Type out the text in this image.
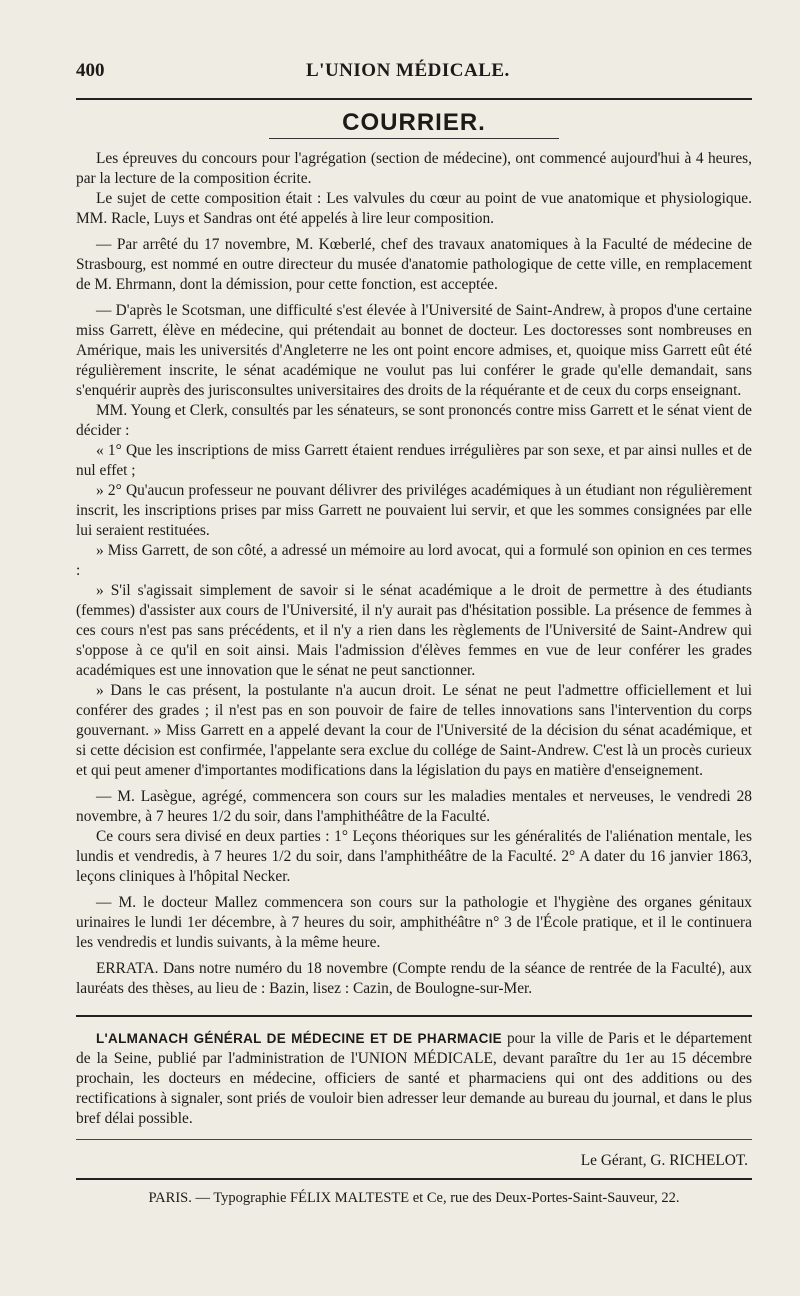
400	L'UNION MÉDICALE.
COURRIER.

Les épreuves du concours pour l'agrégation (section de médecine), ont commencé aujourd'hui à 4 heures, par la lecture de la composition écrite.

Le sujet de cette composition était : Les valvules du cœur au point de vue anatomique et physiologique. MM. Racle, Luys et Sandras ont été appelés à lire leur composition.

— Par arrêté du 17 novembre, M. Kœberlé, chef des travaux anatomiques à la Faculté de médecine de Strasbourg, est nommé en outre directeur du musée d'anatomie pathologique de cette ville, en remplacement de M. Ehrmann, dont la démission, pour cette fonction, est acceptée.

— D'après le Scotsman, une difficulté s'est élevée à l'Université de Saint-Andrew, à propos d'une certaine miss Garrett, élève en médecine, qui prétendait au bonnet de docteur. Les doctoresses sont nombreuses en Amérique, mais les universités d'Angleterre ne les ont point encore admises, et, quoique miss Garrett eût été régulièrement inscrite, le sénat académique ne voulut pas lui conférer le grade qu'elle demandait, sans s'enquérir auprès des jurisconsultes universitaires des droits de la réquérante et de ceux du corps enseignant.

MM. Young et Clerk, consultés par les sénateurs, se sont prononcés contre miss Garrett et le sénat vient de décider :

« 1° Que les inscriptions de miss Garrett étaient rendues irrégulières par son sexe, et par ainsi nulles et de nul effet ;

» 2° Qu'aucun professeur ne pouvant délivrer des priviléges académiques à un étudiant non régulièrement inscrit, les inscriptions prises par miss Garrett ne pouvaient lui servir, et que les sommes consignées par elle lui seraient restituées.

» Miss Garrett, de son côté, a adressé un mémoire au lord avocat, qui a formulé son opinion en ces termes :

» S'il s'agissait simplement de savoir si le sénat académique a le droit de permettre à des étudiants (femmes) d'assister aux cours de l'Université, il n'y aurait pas d'hésitation possible. La présence de femmes à ces cours n'est pas sans précédents, et il n'y a rien dans les règlements de l'Université de Saint-Andrew qui s'oppose à ce qu'il en soit ainsi. Mais l'admission d'élèves femmes en vue de leur conférer les grades académiques est une innovation que le sénat ne peut sanctionner.

» Dans le cas présent, la postulante n'a aucun droit. Le sénat ne peut l'admettre officiellement et lui conférer des grades ; il n'est pas en son pouvoir de faire de telles innovations sans l'intervention du corps gouvernant. » Miss Garrett en a appelé devant la cour de l'Université de la décision du sénat académique, et si cette décision est confirmée, l'appelante sera exclue du collége de Saint-Andrew. C'est là un procès curieux et qui peut amener d'importantes modifications dans la législation du pays en matière d'enseignement.

— M. Lasègue, agrégé, commencera son cours sur les maladies mentales et nerveuses, le vendredi 28 novembre, à 7 heures 1/2 du soir, dans l'amphithéâtre de la Faculté.

Ce cours sera divisé en deux parties : 1° Leçons théoriques sur les généralités de l'aliénation mentale, les lundis et vendredis, à 7 heures 1/2 du soir, dans l'amphithéâtre de la Faculté. 2° A dater du 16 janvier 1863, leçons cliniques à l'hôpital Necker.

— M. le docteur Mallez commencera son cours sur la pathologie et l'hygiène des organes génitaux urinaires le lundi 1er décembre, à 7 heures du soir, amphithéâtre n° 3 de l'École pratique, et il le continuera les vendredis et lundis suivants, à la même heure.

ERRATA. Dans notre numéro du 18 novembre (Compte rendu de la séance de rentrée de la Faculté), aux lauréats des thèses, au lieu de : Bazin, lisez : Cazin, de Boulogne-sur-Mer.

L'ALMANACH GÉNÉRAL DE MÉDECINE ET DE PHARMACIE pour la ville de Paris et le département de la Seine, publié par l'administration de l'UNION MÉDICALE, devant paraître du 1er au 15 décembre prochain, les docteurs en médecine, officiers de santé et pharmaciens qui ont des additions ou des rectifications à signaler, sont priés de vouloir bien adresser leur demande au bureau du journal, et dans le plus bref délai possible.

Le Gérant, G. RICHELOT.
PARIS. — Typographie FÉLIX MALTESTE et Ce, rue des Deux-Portes-Saint-Sauveur, 22.
